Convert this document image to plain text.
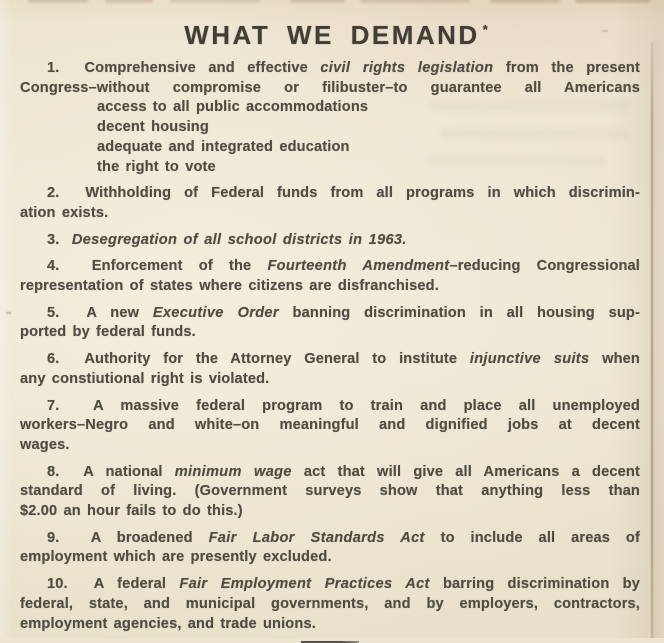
WHAT WE DEMAND *
1.  Comprehensive and effective civil rights legislation from the present
Congress–without compromise or filibuster–to guarantee all Americans
access to all public accommodations
decent housing
adequate and integrated education
the right to vote
2.  Withholding of Federal funds from all programs in which discrimin-
ation exists.
3.  Desegregation of all school districts in 1963.
4.  Enforcement of the Fourteenth Amendment–reducing Congressional
representation of states where citizens are disfranchised.
5.  A new Executive Order banning discrimination in all housing sup-
ported by federal funds.
6.  Authority for the Attorney General to institute injunctive suits when
any constiutional right is violated.
7.  A massive federal program to train and place all unemployed
workers–Negro and white–on meaningful and dignified jobs at decent
wages.
8.  A national minimum wage act that will give all Americans a decent
standard of living. (Government surveys show that anything less than
$2.00 an hour fails to do this.)
9.  A broadened Fair Labor Standards Act to include all areas of
employment which are presently excluded.
10.  A federal Fair Employment Practices Act barring discrimination by
federal, state, and municipal governments, and by employers, contractors,
employment agencies, and trade unions.
